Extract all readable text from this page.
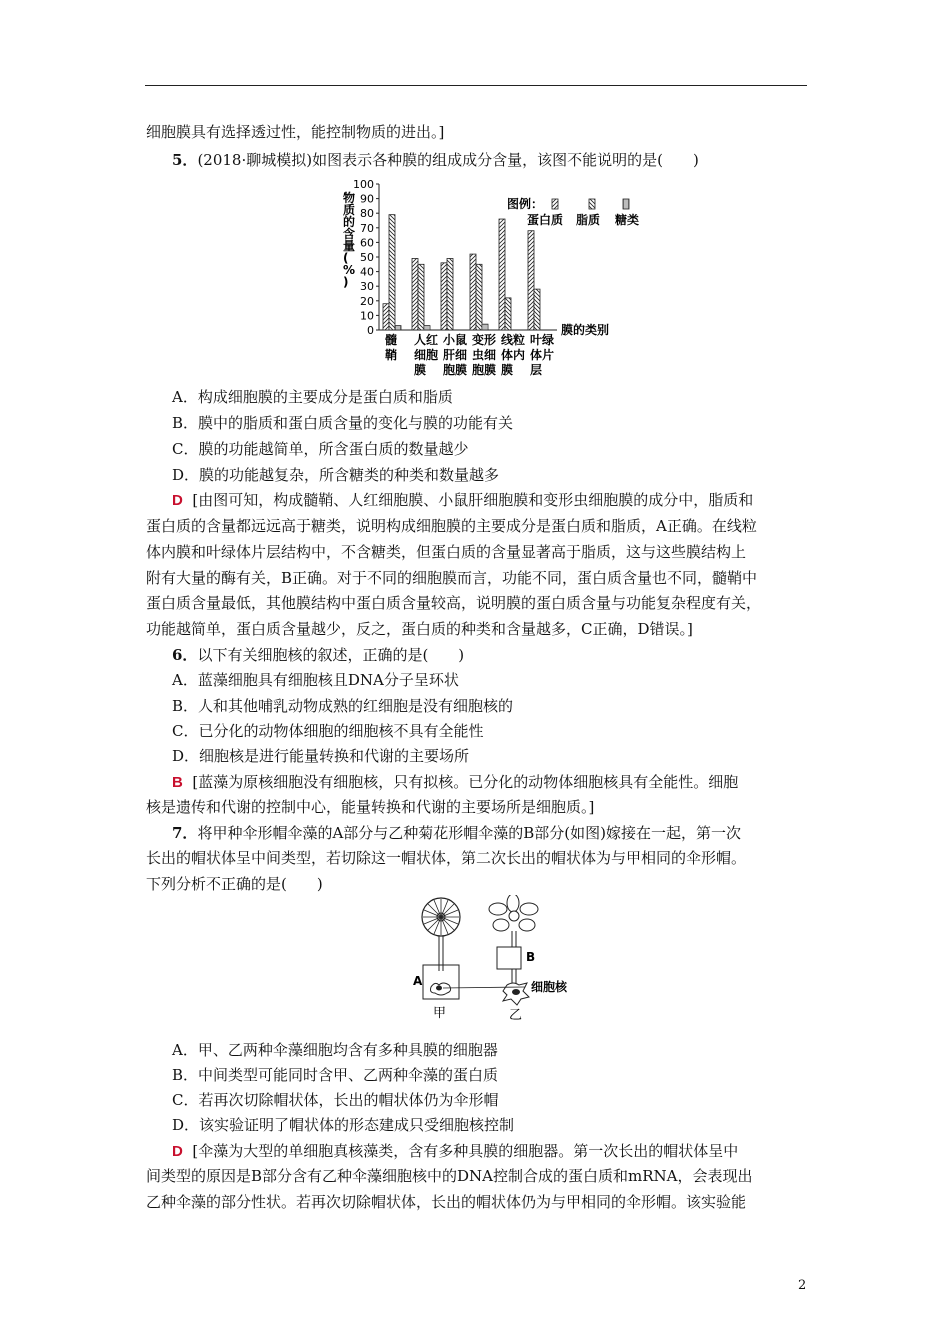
细胞膜具有选择透过性，能控制物质的进出。]
5．(2018·聊城模拟)如图表示各种膜的组成成分含量，该图不能说明的是(　　)
物质的含量( % )
0
10
20
30
40
50
60
70
80
90
100
膜的类别
髓鞘
人红细胞膜
小鼠肝细胞膜
变形虫细胞膜
线粒体内膜
叶绿体片层
图例：
蛋白质 脂质 糖类
A．构成细胞膜的主要成分是蛋白质和脂质
B．膜中的脂质和蛋白质含量的变化与膜的功能有关
C．膜的功能越简单，所含蛋白质的数量越少
D．膜的功能越复杂，所含糖类的种类和数量越多
D [由图可知，构成髓鞘、人红细胞膜、小鼠肝细胞膜和变形虫细胞膜的成分中，脂质和
蛋白质的含量都远远高于糖类，说明构成细胞膜的主要成分是蛋白质和脂质，A正确。在线粒
体内膜和叶绿体片层结构中，不含糖类，但蛋白质的含量显著高于脂质，这与这些膜结构上
附有大量的酶有关，B正确。对于不同的细胞膜而言，功能不同，蛋白质含量也不同，髓鞘中
蛋白质含量最低，其他膜结构中蛋白质含量较高，说明膜的蛋白质含量与功能复杂程度有关，
功能越简单，蛋白质含量越少，反之，蛋白质的种类和含量越多，C正确，D错误。]
6．以下有关细胞核的叙述，正确的是(　　)
A．蓝藻细胞具有细胞核且DNA分子呈环状
B．人和其他哺乳动物成熟的红细胞是没有细胞核的
C．已分化的动物体细胞的细胞核不具有全能性
D．细胞核是进行能量转换和代谢的主要场所
B [蓝藻为原核细胞没有细胞核，只有拟核。已分化的动物体细胞核具有全能性。细胞
核是遗传和代谢的控制中心，能量转换和代谢的主要场所是细胞质。]
7．将甲种伞形帽伞藻的A部分与乙种菊花形帽伞藻的B部分(如图)嫁接在一起，第一次
长出的帽状体呈中间类型，若切除这一帽状体，第二次长出的帽状体为与甲相同的伞形帽。
下列分析不正确的是(　　)
A
甲
B
细胞核
乙
A．甲、乙两种伞藻细胞均含有多种具膜的细胞器
B．中间类型可能同时含甲、乙两种伞藻的蛋白质
C．若再次切除帽状体，长出的帽状体仍为伞形帽
D．该实验证明了帽状体的形态建成只受细胞核控制
D [伞藻为大型的单细胞真核藻类，含有多种具膜的细胞器。第一次长出的帽状体呈中
间类型的原因是B部分含有乙种伞藻细胞核中的DNA控制合成的蛋白质和mRNA，会表现出
乙种伞藻的部分性状。若再次切除帽状体，长出的帽状体仍为与甲相同的伞形帽。该实验能
2
